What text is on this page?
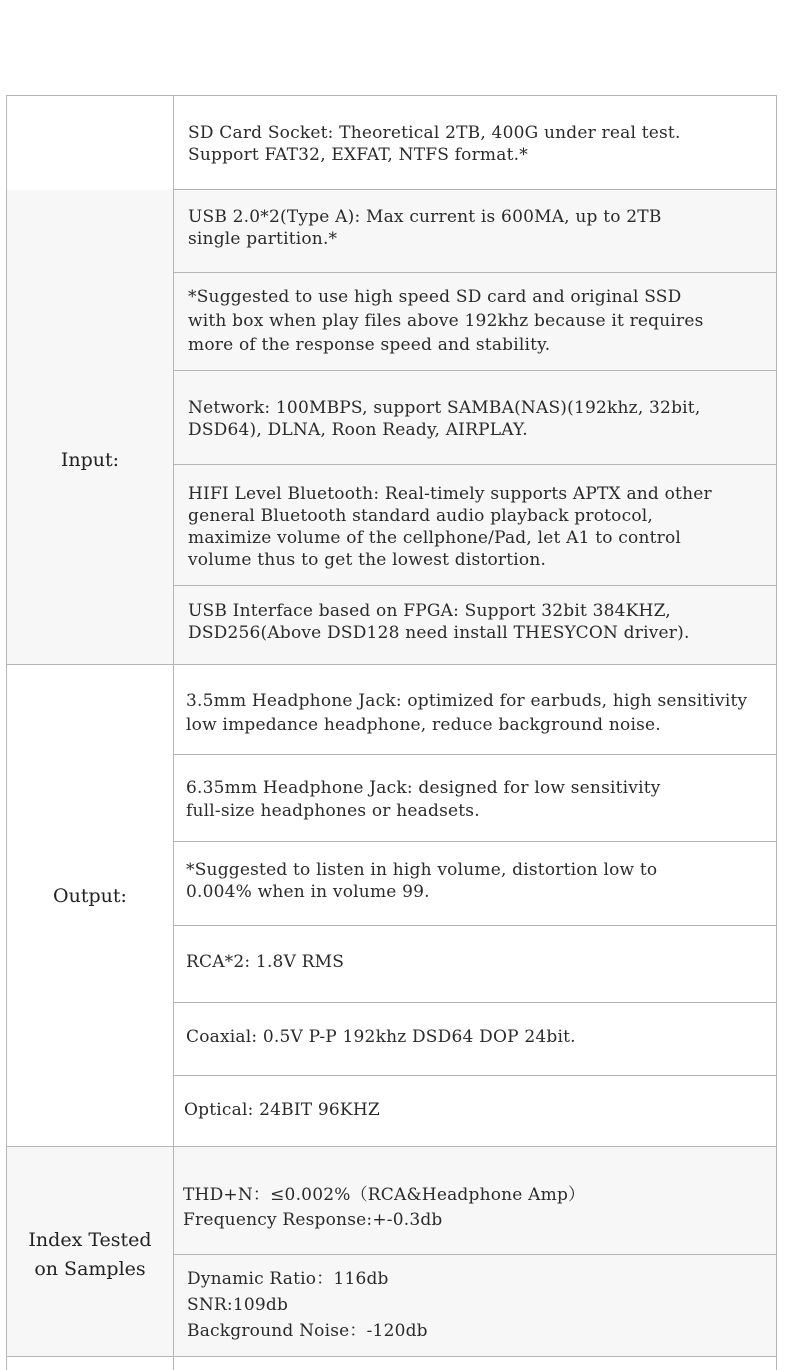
SD Card Socket: Theoretical 2TB, 400G under real test.
Support FAT32, EXFAT, NTFS format.*
Input:
USB 2.0*2(Type A): Max current is 600MA, up to 2TB
single partition.*
*Suggested to use high speed SD card and original SSD
with box when play files above 192khz because it requires
more of the response speed and stability.
Network: 100MBPS, support SAMBA(NAS)(192khz, 32bit,
DSD64), DLNA, Roon Ready, AIRPLAY.
HIFI Level Bluetooth: Real-timely supports APTX and other
general Bluetooth standard audio playback protocol,
maximize volume of the cellphone/Pad, let A1 to control
volume thus to get the lowest distortion.
USB Interface based on FPGA: Support 32bit 384KHZ,
DSD256(Above DSD128 need install THESYCON driver).
Output:
3.5mm Headphone Jack: optimized for earbuds, high sensitivity
low impedance headphone, reduce background noise.
6.35mm Headphone Jack: designed for low sensitivity
full-size headphones or headsets.
*Suggested to listen in high volume, distortion low to
0.004% when in volume 99.
RCA*2: 1.8V RMS
Coaxial: 0.5V P-P 192khz DSD64 DOP 24bit.
Optical: 24BIT 96KHZ
Index Tested
on Samples
THD+N：≤0.002%（RCA&Headphone Amp）
Frequency Response:+-0.3db
Dynamic Ratio：116db
SNR:109db
Background Noise：-120db
